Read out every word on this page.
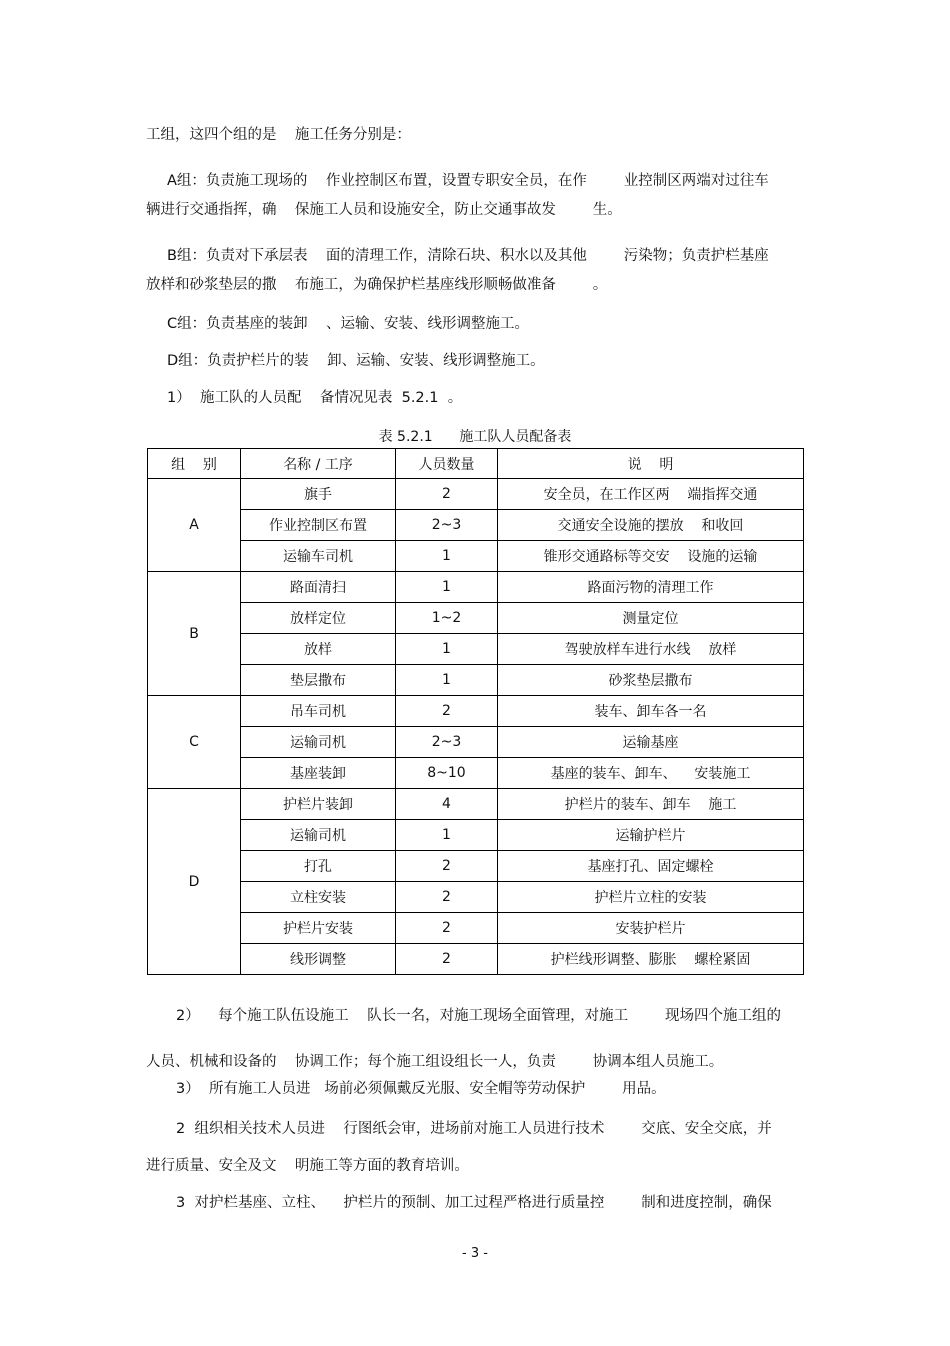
工组，这四个组的是    施工任务分别是：
A组：负责施工现场的    作业控制区布置，设置专职安全员，在作        业控制区两端对过往车
辆进行交通指挥，确    保施工人员和设施安全，防止交通事故发        生。
B组：负责对下承层表    面的清理工作，清除石块、积水以及其他        污染物；负责护栏基座
放样和砂浆垫层的撒    布施工，为确保护栏基座线形顺畅做准备        。
C组：负责基座的装卸    、运输、安装、线形调整施工。
D组：负责护栏片的装    卸、运输、安装、线形调整施工。
1）  施工队的人员配    备情况见表  5.2.1  。
表 5.2.1      施工队人员配备表
组    别	名称 / 工序	人员数量	说    明
A	旗手	2	安全员，在工作区两    端指挥交通
	作业控制区布置	2~3	交通安全设施的摆放    和收回
	运输车司机	1	锥形交通路标等交安    设施的运输
B	路面清扫	1	路面污物的清理工作
	放样定位	1~2	测量定位
	放样	1	驾驶放样车进行水线    放样
	垫层撒布	1	砂浆垫层撒布
C	吊车司机	2	装车、卸车各一名
	运输司机	2~3	运输基座
	基座装卸	8~10	基座的装车、卸车、    安装施工
D	护栏片装卸	4	护栏片的装车、卸车    施工
	运输司机	1	运输护栏片
	打孔	2	基座打孔、固定螺栓
	立柱安装	2	护栏片立柱的安装
	护栏片安装	2	安装护栏片
	线形调整	2	护栏线形调整、膨胀    螺栓紧固
2）    每个施工队伍设施工    队长一名，对施工现场全面管理，对施工        现场四个施工组的
人员、机械和设备的    协调工作；每个施工组设组长一人，负责        协调本组人员施工。
3）  所有施工人员进   场前必须佩戴反光服、安全帽等劳动保护        用品。
2  组织相关技术人员进    行图纸会审，进场前对施工人员进行技术        交底、安全交底，并
进行质量、安全及文    明施工等方面的教育培训。
3  对护栏基座、立柱、    护栏片的预制、加工过程严格进行质量控        制和进度控制，确保
- 3 -
